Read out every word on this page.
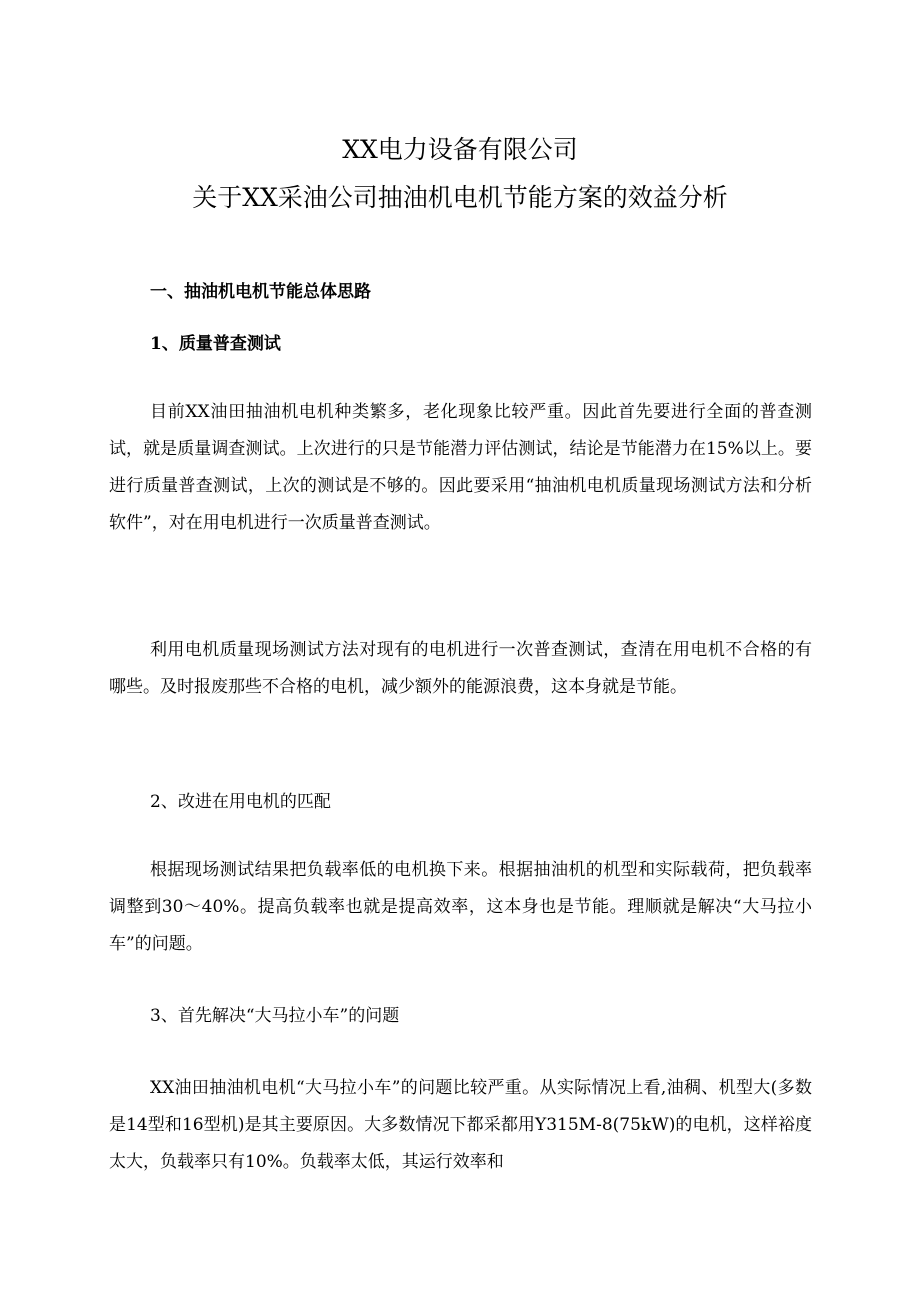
XX电力设备有限公司
关于XX采油公司抽油机电机节能方案的效益分析
一、抽油机电机节能总体思路
1、质量普查测试
目前XX油田抽油机电机种类繁多，老化现象比较严重。因此首先要进行全面的普查测试，就是质量调查测试。上次进行的只是节能潜力评估测试，结论是节能潜力在15%以上。要进行质量普查测试，上次的测试是不够的。因此要采用“抽油机电机质量现场测试方法和分析软件”，对在用电机进行一次质量普查测试。
利用电机质量现场测试方法对现有的电机进行一次普查测试，查清在用电机不合格的有哪些。及时报废那些不合格的电机，减少额外的能源浪费，这本身就是节能。
2、改进在用电机的匹配
根据现场测试结果把负载率低的电机换下来。根据抽油机的机型和实际载荷，把负载率调整到30～40%。提高负载率也就是提高效率，这本身也是节能。理顺就是解决“大马拉小车”的问题。
3、首先解决“大马拉小车”的问题
XX油田抽油机电机“大马拉小车”的问题比较严重。从实际情况上看,油稠、机型大(多数是14型和16型机)是其主要原因。大多数情况下都采都用Y315M-8(75kW)的电机，这样裕度太大，负载率只有10%。负载率太低，其运行效率和
